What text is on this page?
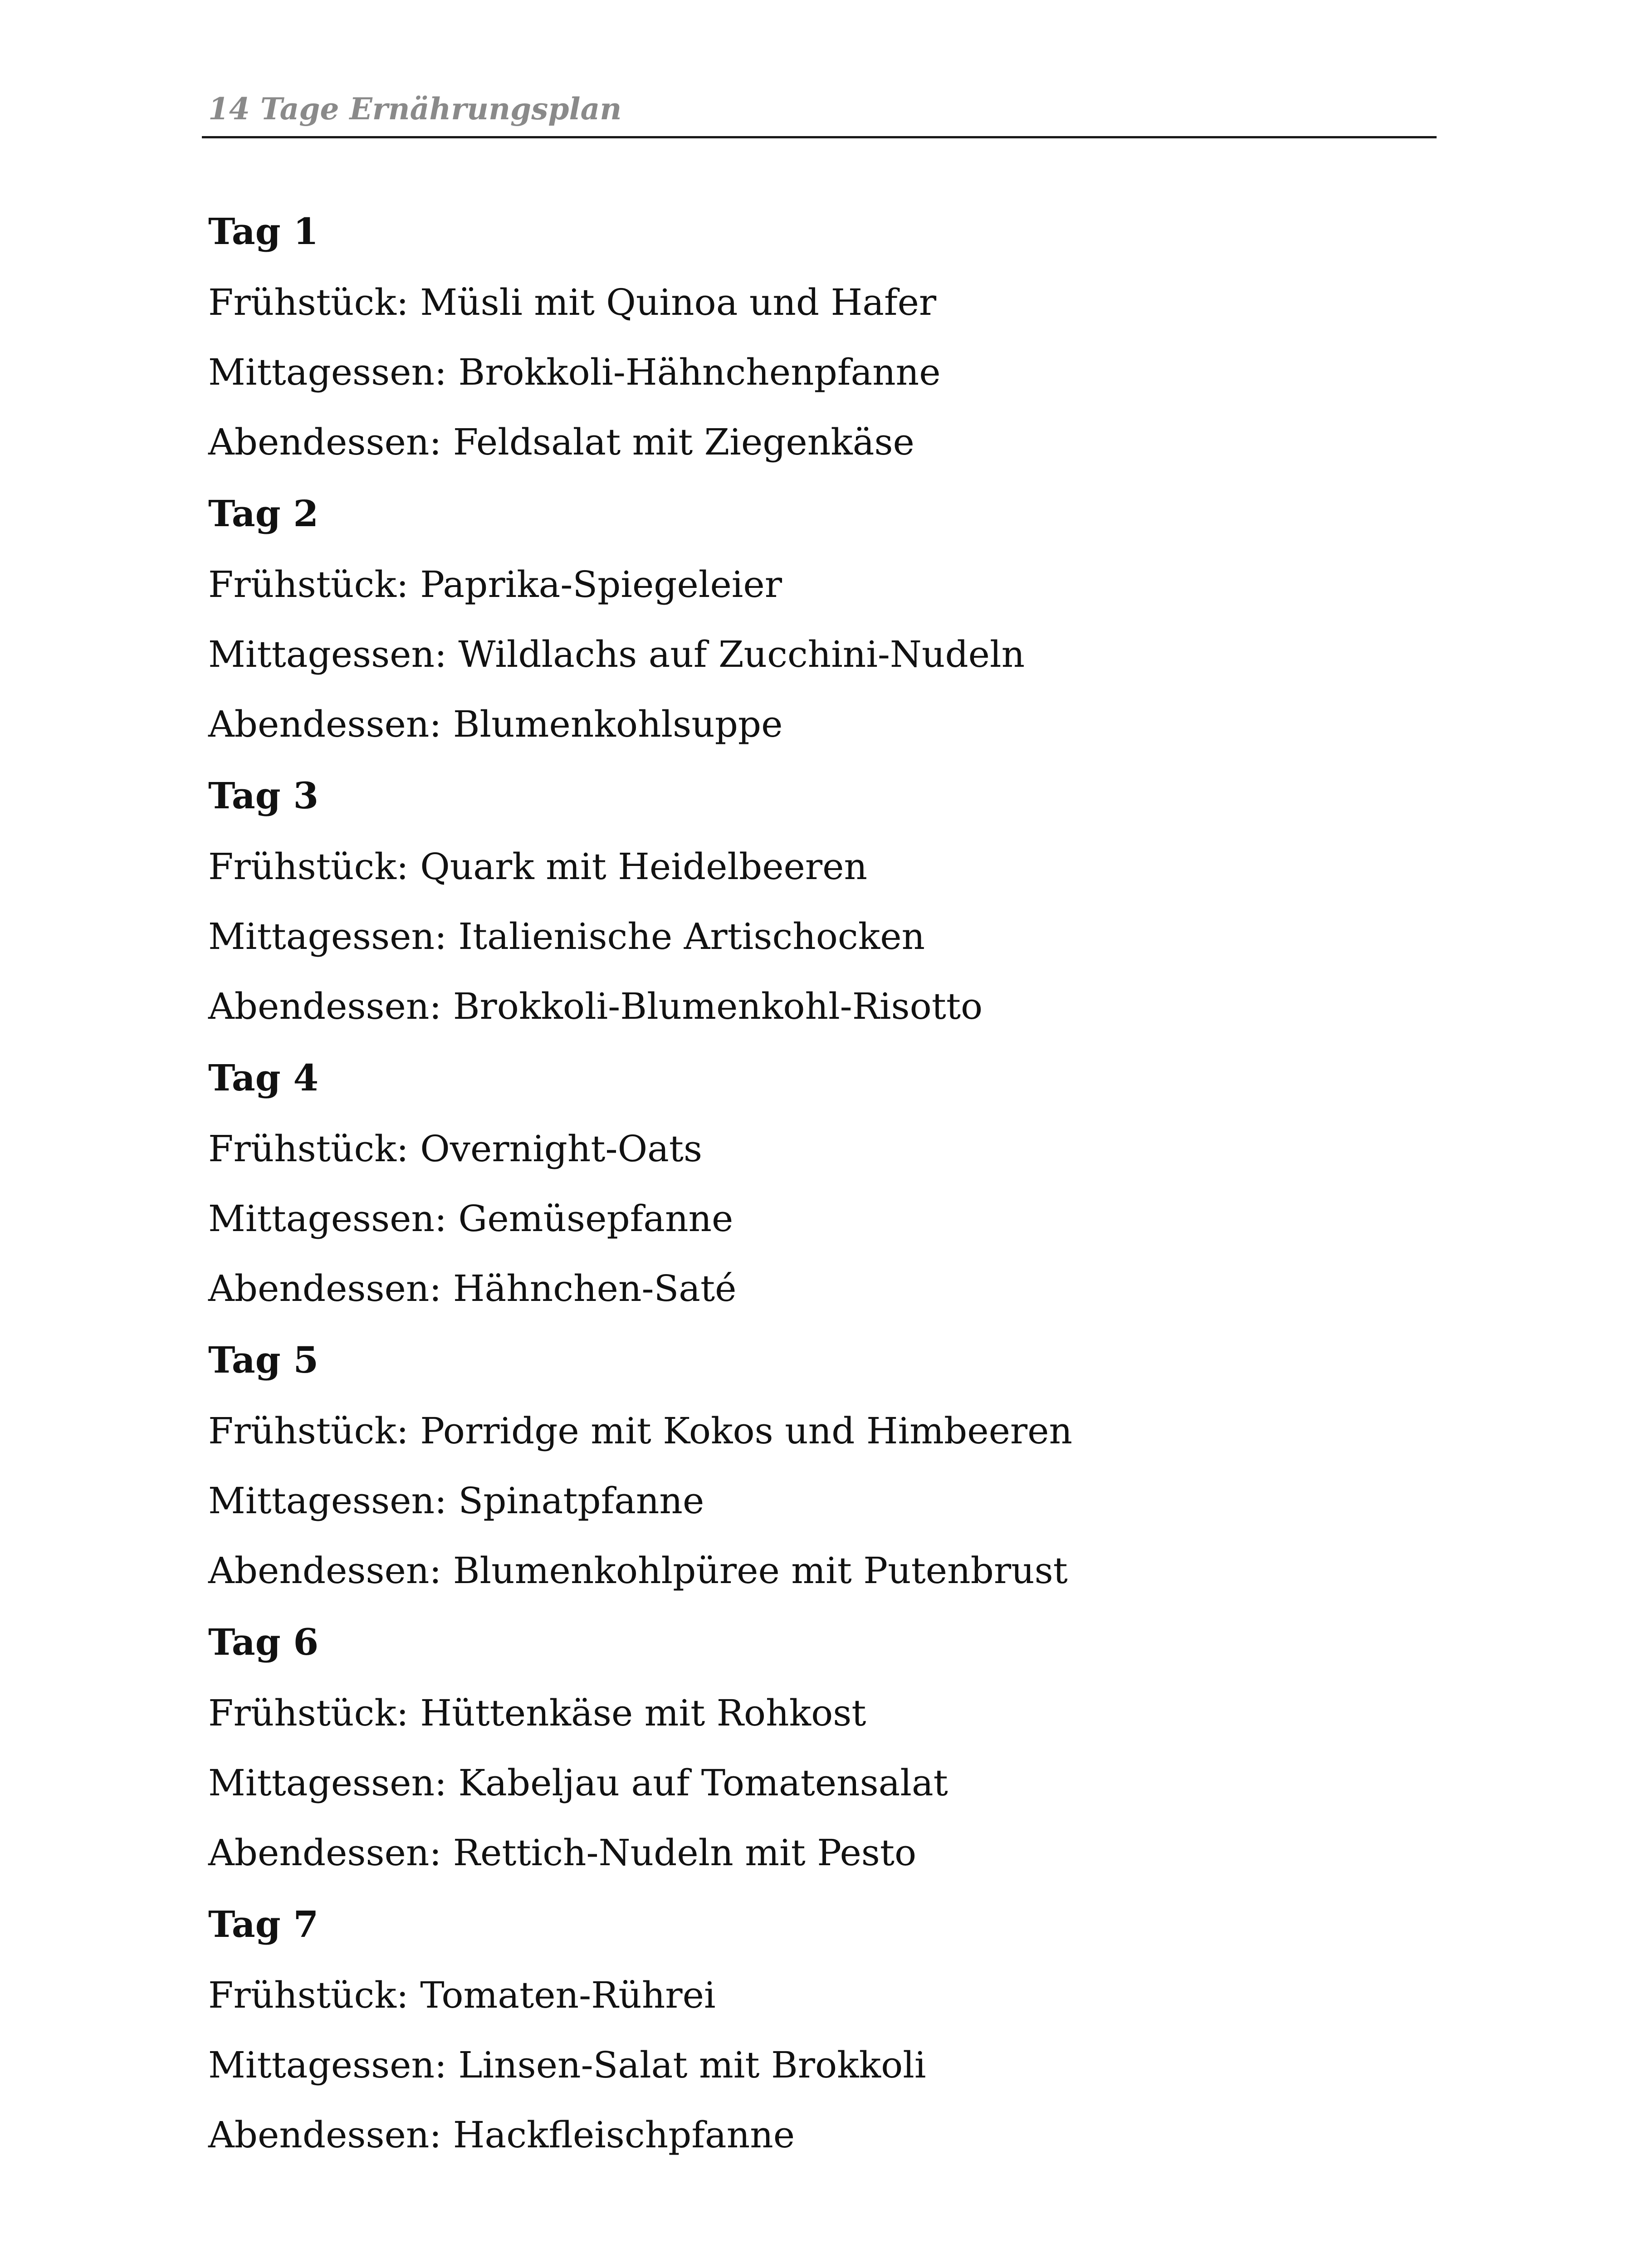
14 Tage Ernährungsplan
Tag 1
Frühstück: Müsli mit Quinoa und Hafer
Mittagessen: Brokkoli-Hähnchenpfanne
Abendessen: Feldsalat mit Ziegenkäse
Tag 2
Frühstück: Paprika-Spiegeleier
Mittagessen: Wildlachs auf Zucchini-Nudeln
Abendessen: Blumenkohlsuppe
Tag 3
Frühstück: Quark mit Heidelbeeren
Mittagessen: Italienische Artischocken
Abendessen: Brokkoli-Blumenkohl-Risotto
Tag 4
Frühstück: Overnight-Oats
Mittagessen: Gemüsepfanne
Abendessen: Hähnchen-Saté
Tag 5
Frühstück: Porridge mit Kokos und Himbeeren
Mittagessen: Spinatpfanne
Abendessen: Blumenkohlpüree mit Putenbrust
Tag 6
Frühstück: Hüttenkäse mit Rohkost
Mittagessen: Kabeljau auf Tomatensalat
Abendessen: Rettich-Nudeln mit Pesto
Tag 7
Frühstück: Tomaten-Rührei
Mittagessen: Linsen-Salat mit Brokkoli
Abendessen: Hackfleischpfanne
